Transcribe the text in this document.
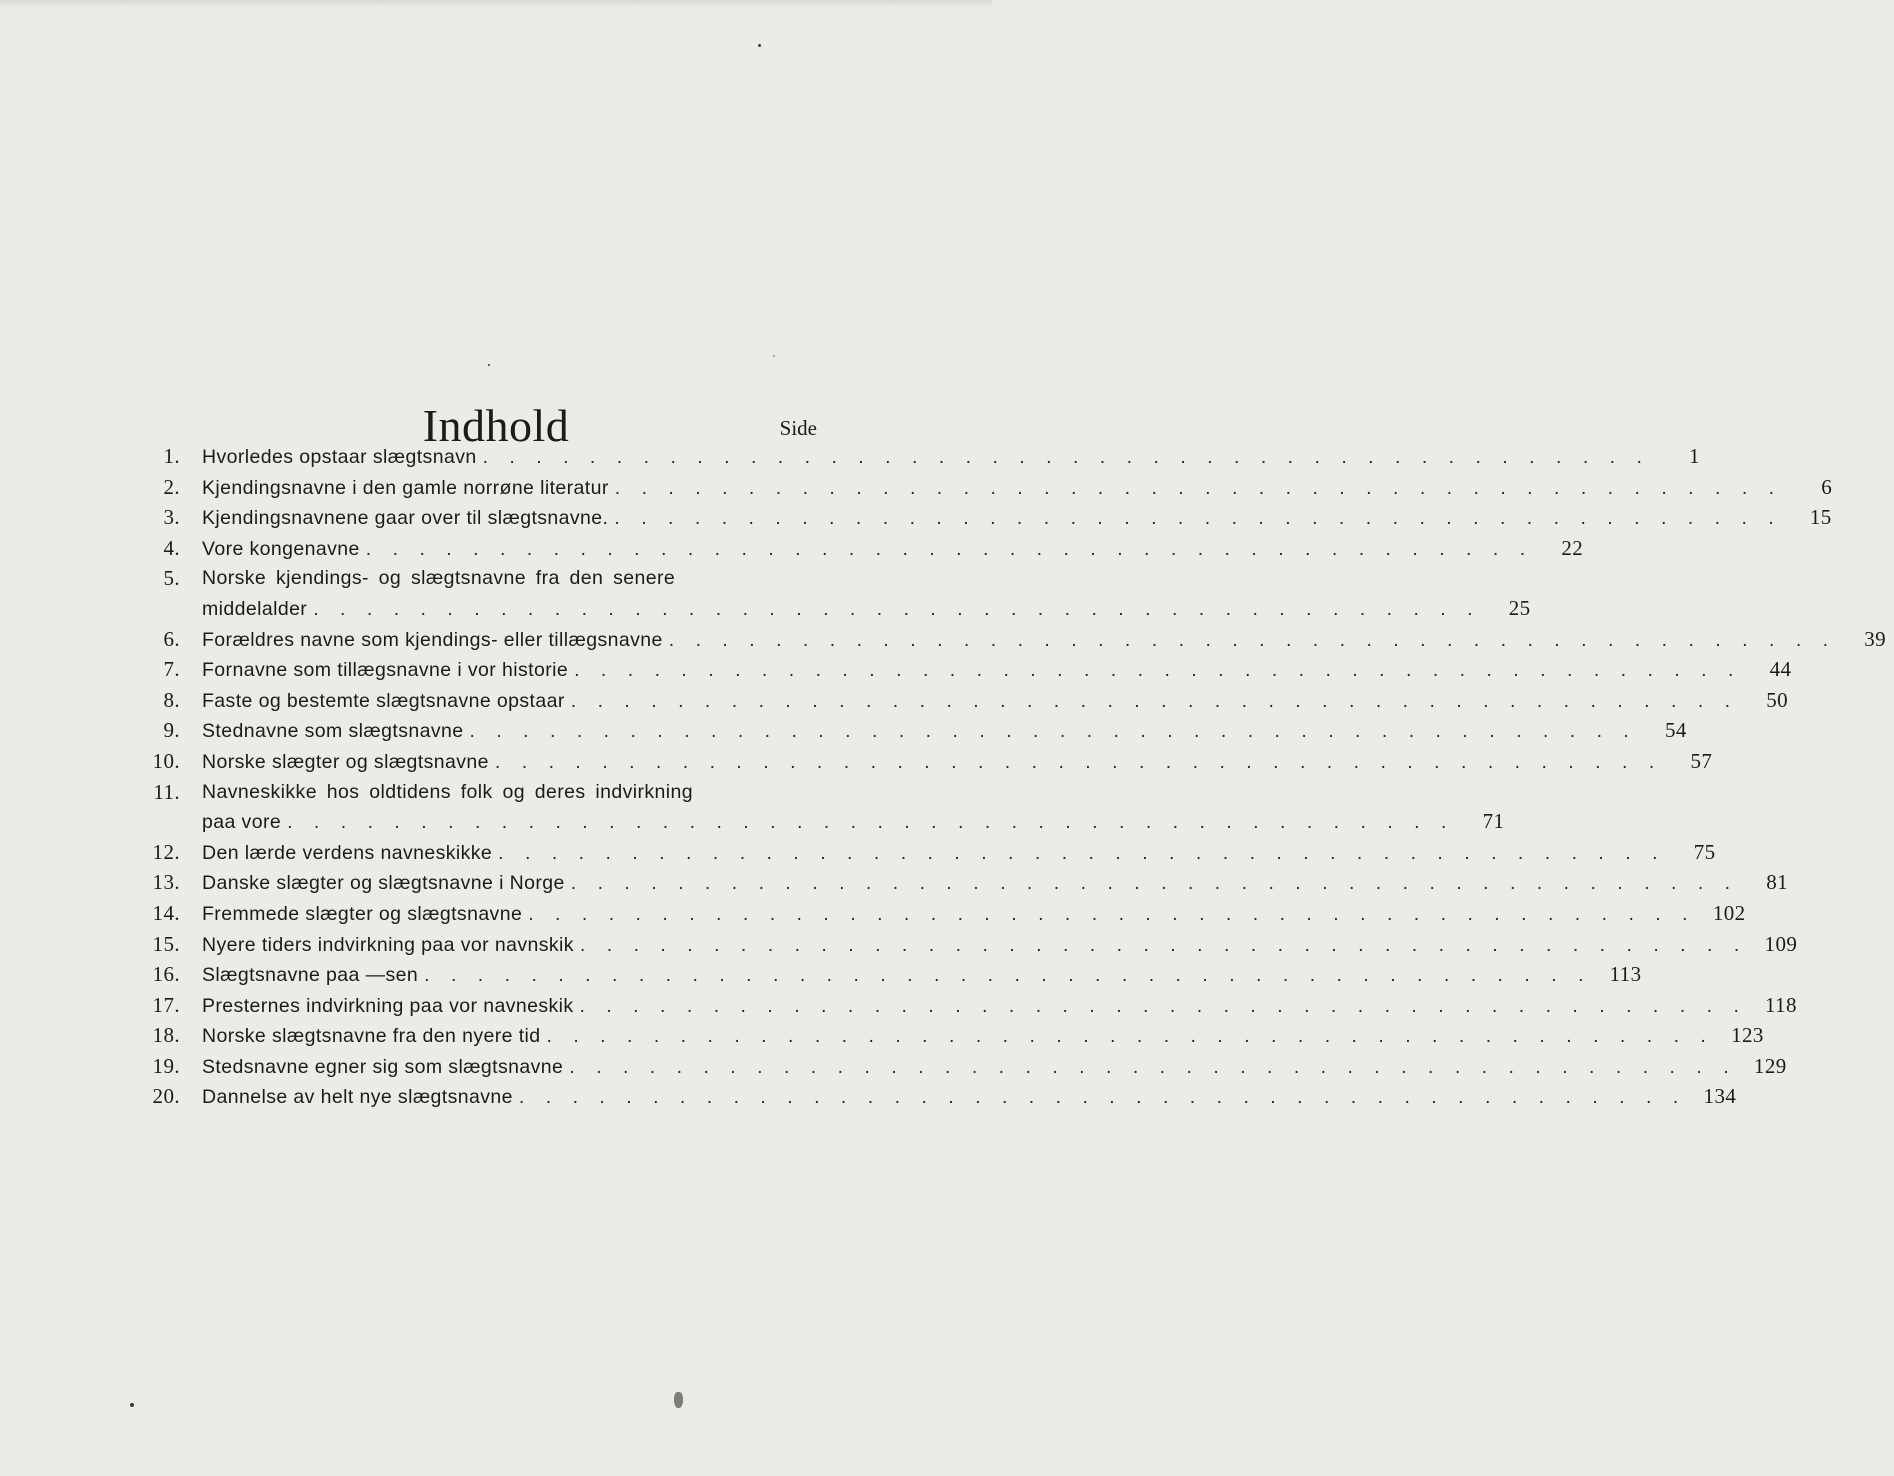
Indhold	Side
1. Hvorledes opstaar slægtsnavn . . . . . . . . . . . . . . . . . . . . . . . . . . . . . . . . . . . . . . . . . . . .	1
2. Kjendingsnavne i den gamle norrøne literatur . . . . . . . . . . . . . . . . . . . . . . . . . . . . . . . . . . . . . . . . . . . .	6
3. Kjendingsnavnene gaar over til slægtsnavne. . . . . . . . . . . . . . . . . . . . . . . . . . . . . . . . . . . . . . . . . . . . .	15
4. Vore kongenavne . . . . . . . . . . . . . . . . . . . . . . . . . . . . . . . . . . . . . . . . . . . .	22
5. Norske kjendings- og slægtsnavne fra den senere
middelalder . . . . . . . . . . . . . . . . . . . . . . . . . . . . . . . . . . . . . . . . . . . .	25
6. Forældres navne som kjendings- eller tillægsnavne . . . . . . . . . . . . . . . . . . . . . . . . . . . . . . . . . . . . . . . . . . . .	39
7. Fornavne som tillægsnavne i vor historie . . . . . . . . . . . . . . . . . . . . . . . . . . . . . . . . . . . . . . . . . . . .	44
8. Faste og bestemte slægtsnavne opstaar . . . . . . . . . . . . . . . . . . . . . . . . . . . . . . . . . . . . . . . . . . . .	50
9. Stednavne som slægtsnavne . . . . . . . . . . . . . . . . . . . . . . . . . . . . . . . . . . . . . . . . . . . .	54
10. Norske slægter og slægtsnavne . . . . . . . . . . . . . . . . . . . . . . . . . . . . . . . . . . . . . . . . . . . .	57
11. Navneskikke hos oldtidens folk og deres indvirkning
paa vore . . . . . . . . . . . . . . . . . . . . . . . . . . . . . . . . . . . . . . . . . . . .	71
12. Den lærde verdens navneskikke . . . . . . . . . . . . . . . . . . . . . . . . . . . . . . . . . . . . . . . . . . . .	75
13. Danske slægter og slægtsnavne i Norge . . . . . . . . . . . . . . . . . . . . . . . . . . . . . . . . . . . . . . . . . . . .	81
14. Fremmede slægter og slægtsnavne . . . . . . . . . . . . . . . . . . . . . . . . . . . . . . . . . . . . . . . . . . . . 102
15. Nyere tiders indvirkning paa vor navnskik . . . . . . . . . . . . . . . . . . . . . . . . . . . . . . . . . . . . . . . . . . . . 109
16. Slægtsnavne paa —sen . . . . . . . . . . . . . . . . . . . . . . . . . . . . . . . . . . . . . . . . . . . . 113
17. Presternes indvirkning paa vor navneskik . . . . . . . . . . . . . . . . . . . . . . . . . . . . . . . . . . . . . . . . . . . . 118
18. Norske slægtsnavne fra den nyere tid . . . . . . . . . . . . . . . . . . . . . . . . . . . . . . . . . . . . . . . . . . . . 123
19. Stedsnavne egner sig som slægtsnavne . . . . . . . . . . . . . . . . . . . . . . . . . . . . . . . . . . . . . . . . . . . . 129
20. Dannelse av helt nye slægtsnavne . . . . . . . . . . . . . . . . . . . . . . . . . . . . . . . . . . . . . . . . . . . . 134
